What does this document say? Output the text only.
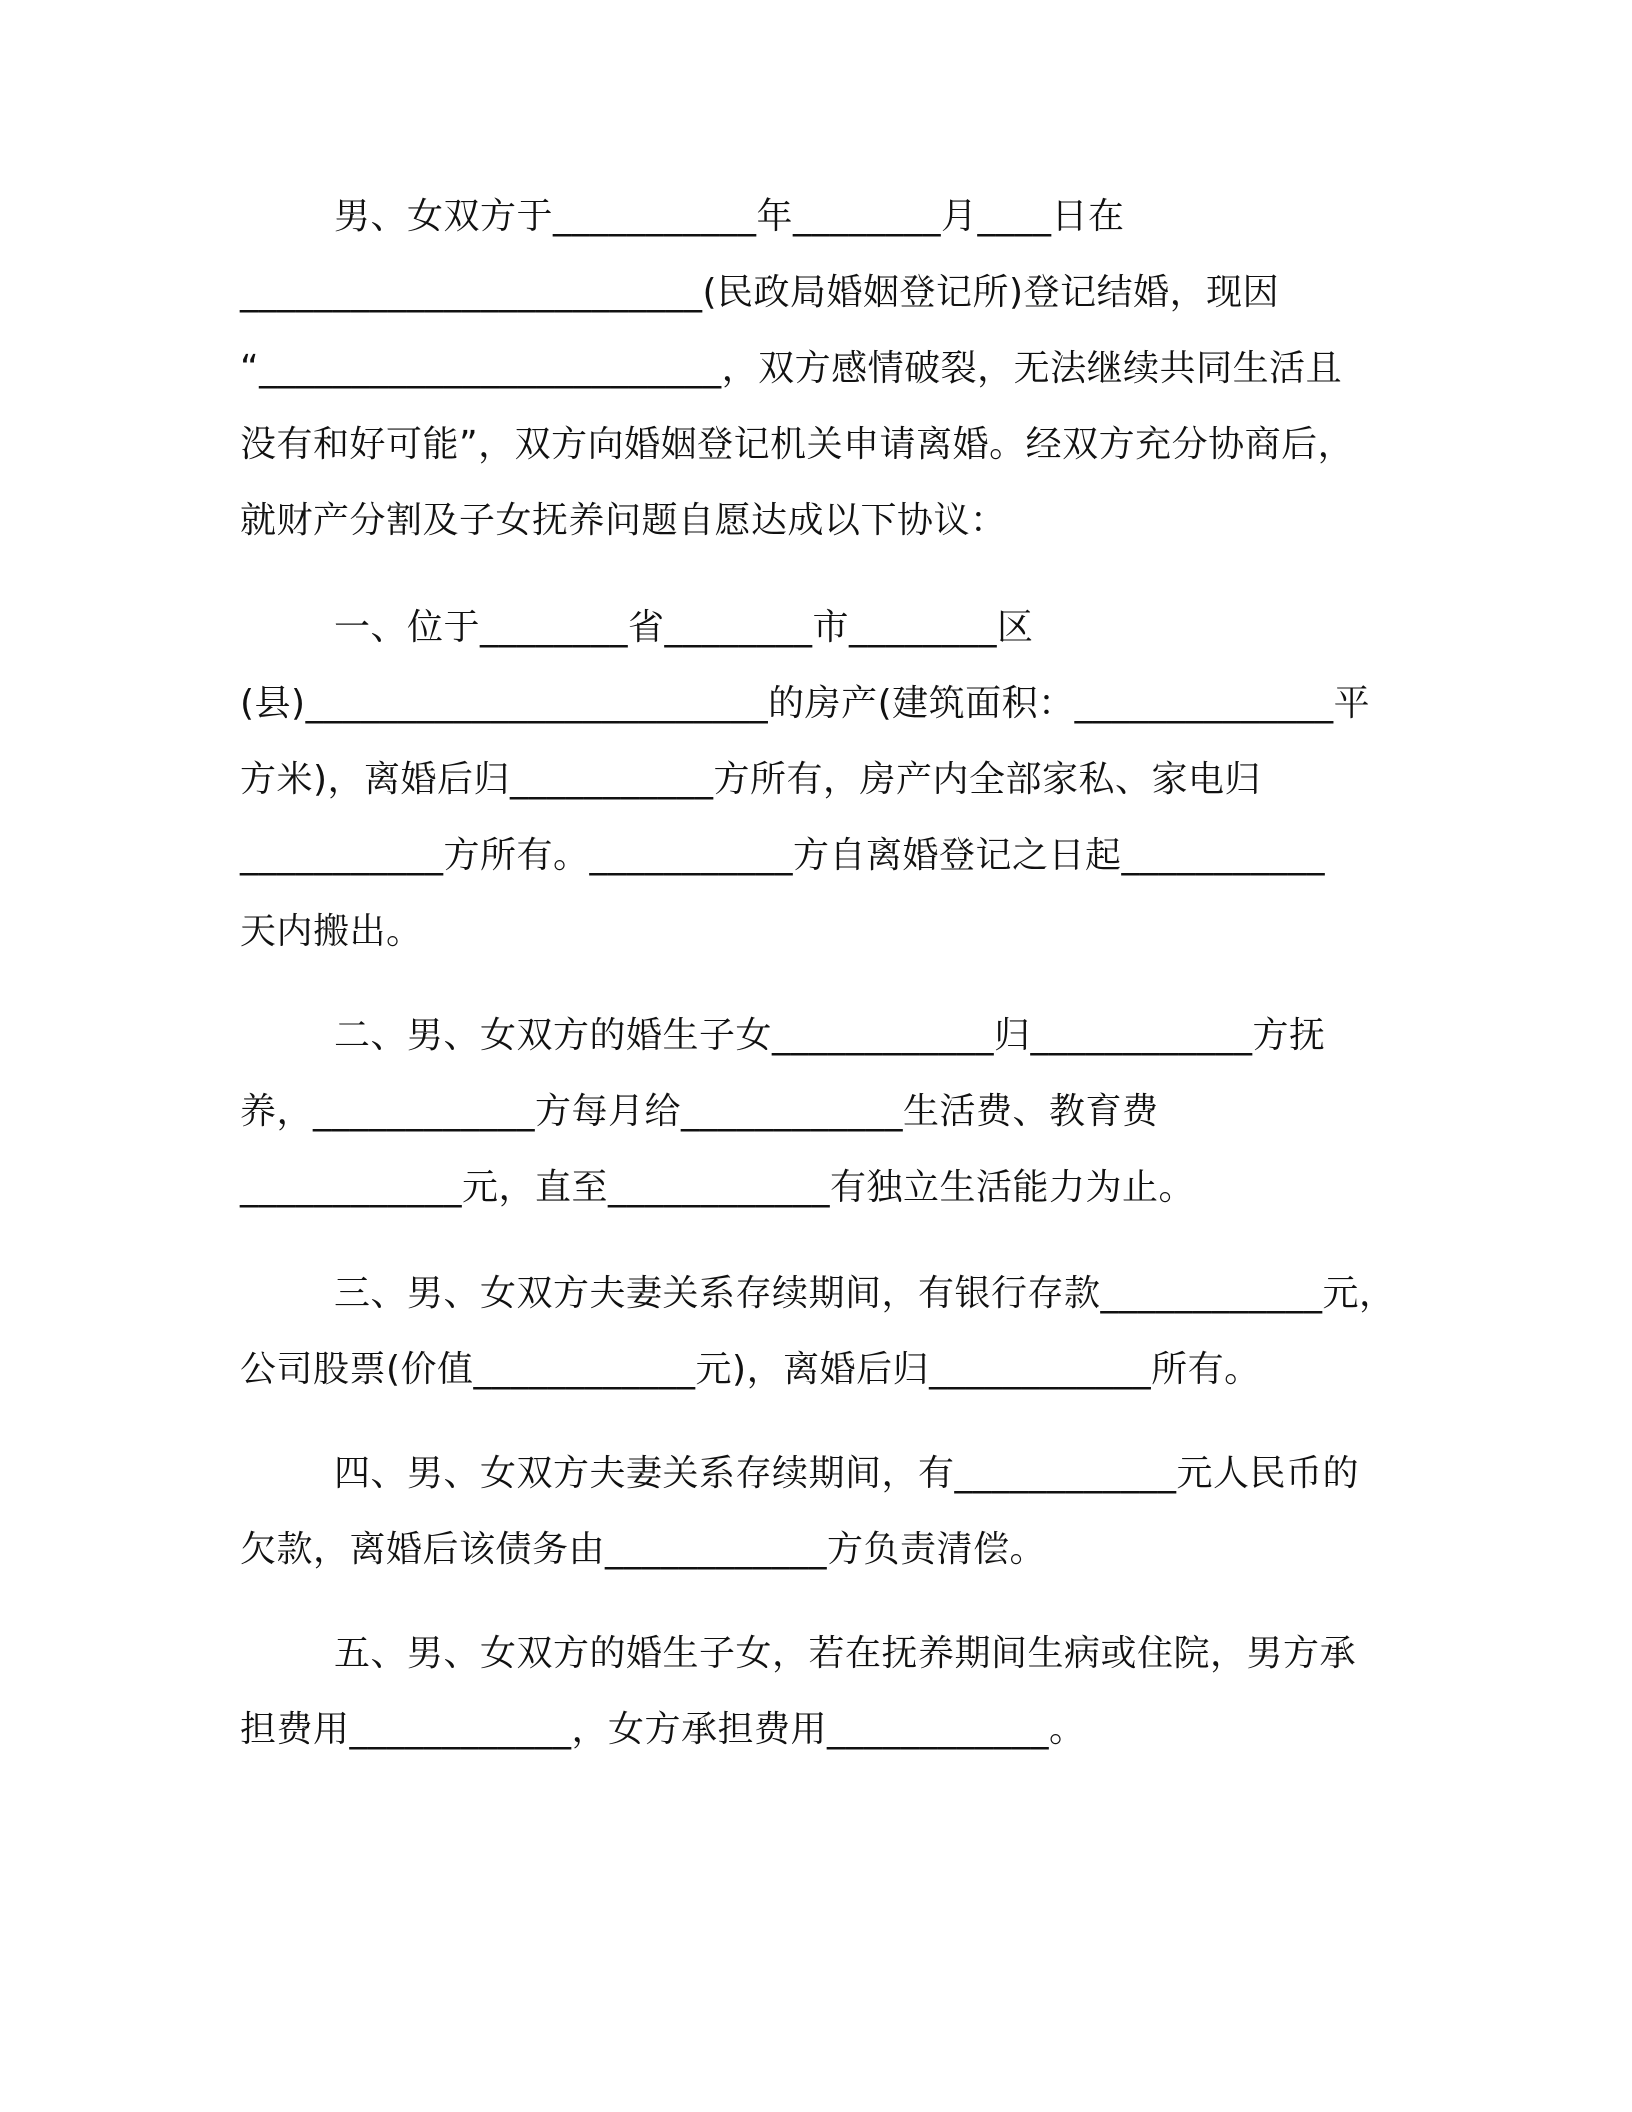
男、女双方于___________年________月____日在
_________________________(民政局婚姻登记所)登记结婚，现因
“_________________________，双方感情破裂，无法继续共同生活且
没有和好可能”，双方向婚姻登记机关申请离婚。经双方充分协商后，
就财产分割及子女抚养问题自愿达成以下协议：
一、位于________省________市________区
(县)_________________________的房产(建筑面积：______________平
方米)，离婚后归___________方所有，房产内全部家私、家电归
___________方所有。___________方自离婚登记之日起___________
天内搬出。
二、男、女双方的婚生子女____________归____________方抚
养，____________方每月给____________生活费、教育费
____________元，直至____________有独立生活能力为止。
三、男、女双方夫妻关系存续期间，有银行存款____________元，
公司股票(价值____________元)，离婚后归____________所有。
四、男、女双方夫妻关系存续期间，有____________元人民币的
欠款，离婚后该债务由____________方负责清偿。
五、男、女双方的婚生子女，若在抚养期间生病或住院，男方承
担费用____________，女方承担费用____________。
